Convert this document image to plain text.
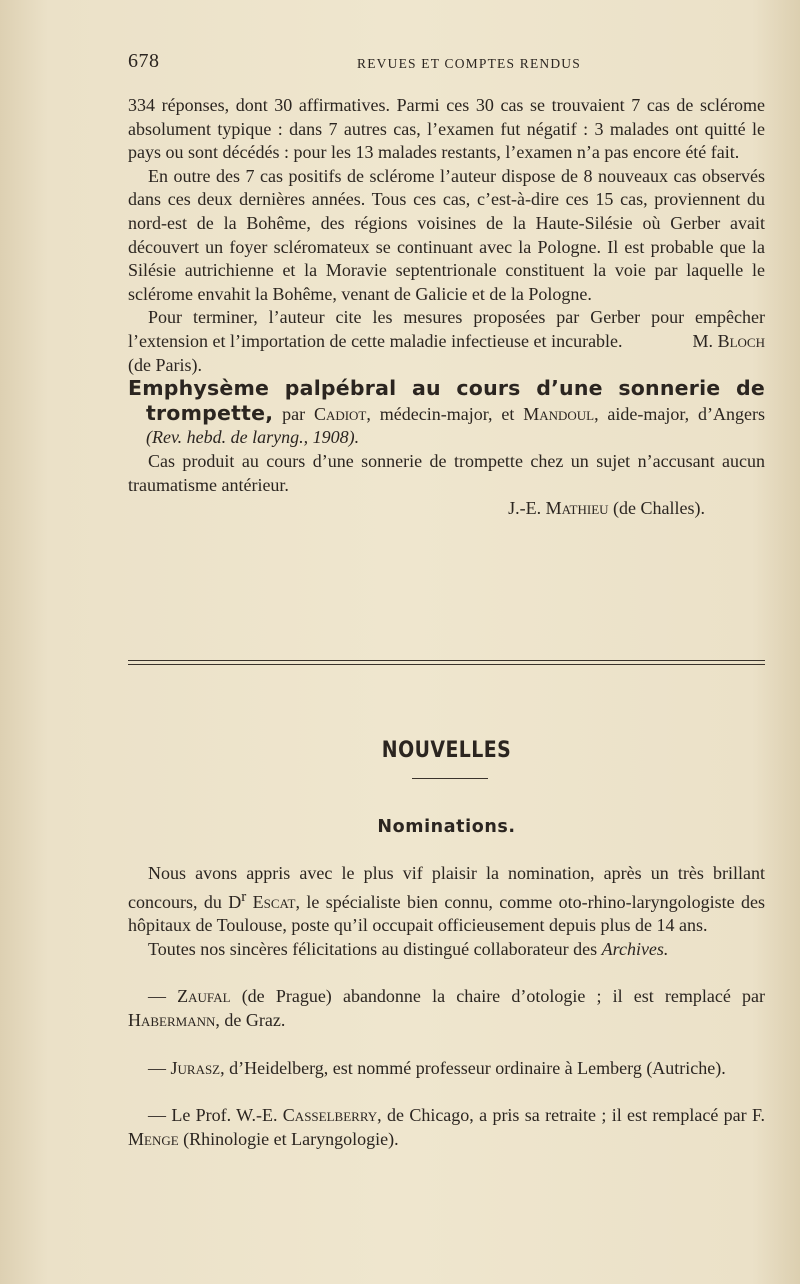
678	REVUES ET COMPTES RENDUS

334 réponses, dont 30 affirmatives. Parmi ces 30 cas se trouvaient 7 cas de sclérome absolument typique : dans 7 autres cas, l’examen fut négatif : 3 malades ont quitté le pays ou sont décédés : pour les 13 malades restants, l’examen n’a pas encore été fait.

En outre des 7 cas positifs de sclérome l’auteur dispose de 8 nouveaux cas observés dans ces deux dernières années. Tous ces cas, c’est-à-dire ces 15 cas, proviennent du nord-est de la Bohême, des régions voisines de la Haute-Silésie où Gerber avait découvert un foyer scléromateux se continuant avec la Pologne. Il est probable que la Silésie autrichienne et la Moravie septentrionale constituent la voie par laquelle le sclérome envahit la Bohême, venant de Galicie et de la Pologne.

Pour terminer, l’auteur cite les mesures proposées par Gerber pour empêcher l’extension et l’importation de cette maladie infectieuse et incurable.	M. Bloch (de Paris).

Emphysème palpébral au cours d’une sonnerie de trompette, par Cadiot, médecin-major, et Mandoul, aide-major, d’Angers (Rev. hebd. de laryng., 1908).

Cas produit au cours d’une sonnerie de trompette chez un sujet n’accusant aucun traumatisme antérieur.

J.-E. Mathieu (de Challes).

NOUVELLES
Nominations.

Nous avons appris avec le plus vif plaisir la nomination, après un très brillant concours, du $D^r$ Escat, le spécialiste bien connu, comme oto-rhino-laryngologiste des hôpitaux de Toulouse, poste qu’il occupait officieusement depuis plus de 14 ans.

Toutes nos sincères félicitations au distingué collaborateur des Archives.

— Zaufal (de Prague) abandonne la chaire d’otologie ; il est remplacé par Habermann, de Graz.

— Jurasz, d’Heidelberg, est nommé professeur ordinaire à Lemberg (Autriche).

— Le Prof. W.-E. Casselberry, de Chicago, a pris sa retraite ; il est remplacé par F. Menge (Rhinologie et Laryngologie).
